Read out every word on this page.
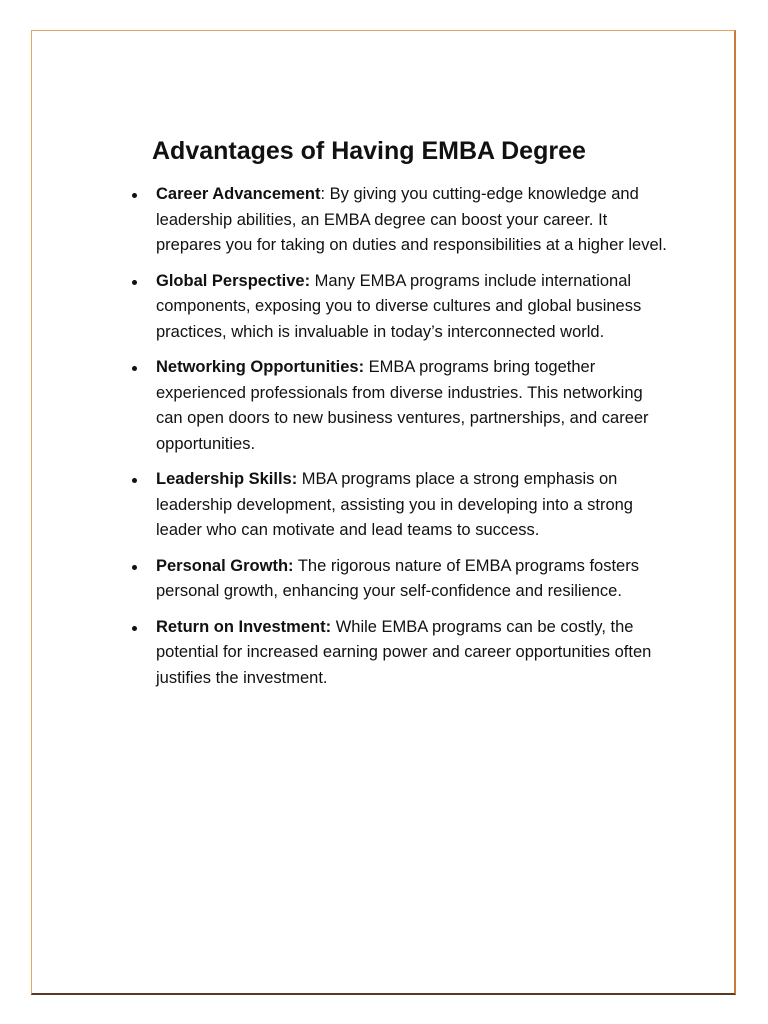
Advantages of Having EMBA Degree
Career Advancement: By giving you cutting-edge knowledge and leadership abilities, an EMBA degree can boost your career. It prepares you for taking on duties and responsibilities at a higher level.
Global Perspective: Many EMBA programs include international components, exposing you to diverse cultures and global business practices, which is invaluable in today’s interconnected world.
Networking Opportunities: EMBA programs bring together experienced professionals from diverse industries. This networking can open doors to new business ventures, partnerships, and career opportunities.
Leadership Skills: MBA programs place a strong emphasis on leadership development, assisting you in developing into a strong leader who can motivate and lead teams to success.
Personal Growth: The rigorous nature of EMBA programs fosters personal growth, enhancing your self-confidence and resilience.
Return on Investment: While EMBA programs can be costly, the potential for increased earning power and career opportunities often justifies the investment.
